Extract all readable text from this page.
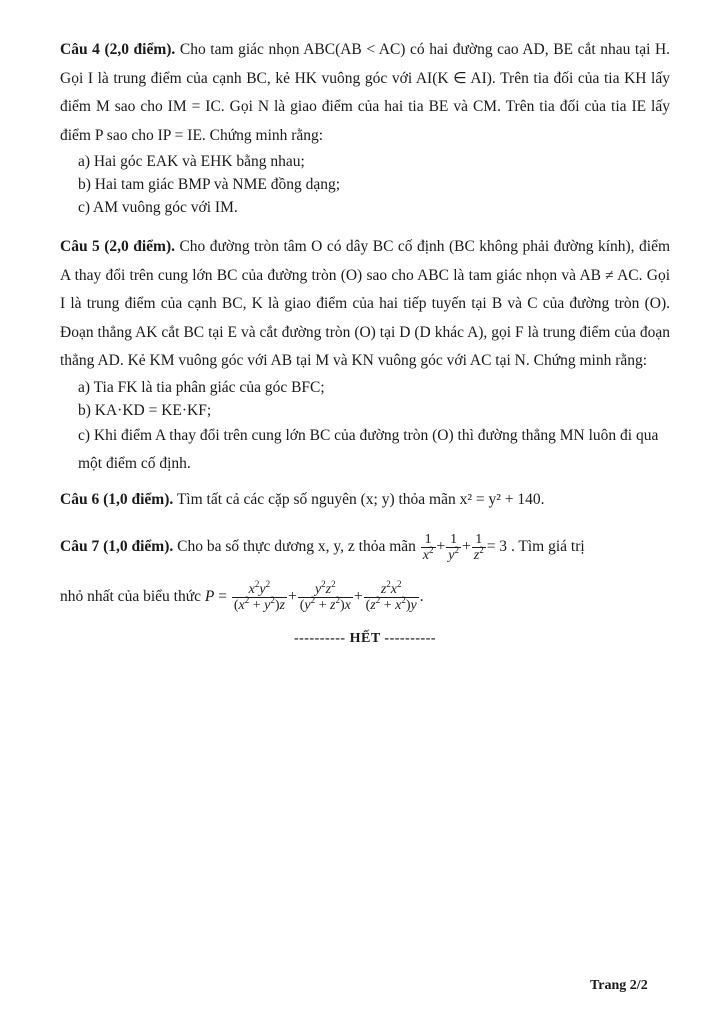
Câu 4 (2,0 điểm). Cho tam giác nhọn ABC(AB < AC) có hai đường cao AD, BE cắt nhau tại H. Gọi I là trung điểm của cạnh BC, kẻ HK vuông góc với AI(K ∈ AI). Trên tia đối của tia KH lấy điểm M sao cho IM = IC. Gọi N là giao điểm của hai tia BE và CM. Trên tia đối của tia IE lấy điểm P sao cho IP = IE. Chứng minh rằng:

a) Hai góc EAK và EHK bằng nhau;

b) Hai tam giác BMP và NME đồng dạng;

c) AM vuông góc với IM.

Câu 5 (2,0 điểm). Cho đường tròn tâm O có dây BC cố định (BC không phải đường kính), điểm A thay đổi trên cung lớn BC của đường tròn (O) sao cho ABC là tam giác nhọn và AB ≠ AC. Gọi I là trung điểm của cạnh BC, K là giao điểm của hai tiếp tuyến tại B và C của đường tròn (O). Đoạn thẳng AK cắt BC tại E và cắt đường tròn (O) tại D (D khác A), gọi F là trung điểm của đoạn thẳng AD. Kẻ KM vuông góc với AB tại M và KN vuông góc với AC tại N. Chứng minh rằng:

a) Tia FK là tia phân giác của góc BFC;

b) KA·KD = KE·KF;

c) Khi điểm A thay đổi trên cung lớn BC của đường tròn (O) thì đường thẳng MN luôn đi qua một điểm cố định.

Câu 6 (1,0 điểm). Tìm tất cả các cặp số nguyên (x; y) thỏa mãn x² = y² + 140.

Câu 7 (1,0 điểm). Cho ba số thực dương x, y, z thỏa mãn $\frac{1}{x^2} + \frac{1}{y^2} + \frac{1}{z^2} = 3$ . Tìm giá trị

nhỏ nhất của biểu thức $P = \frac{x^2y^2}{(x^2 + y^2)z} + \frac{y^2z^2}{(y^2 + z^2)x} + \frac{z^2x^2}{(z^2 + x^2)y}$ .

---------- HẾT ----------
Trang 2/2
